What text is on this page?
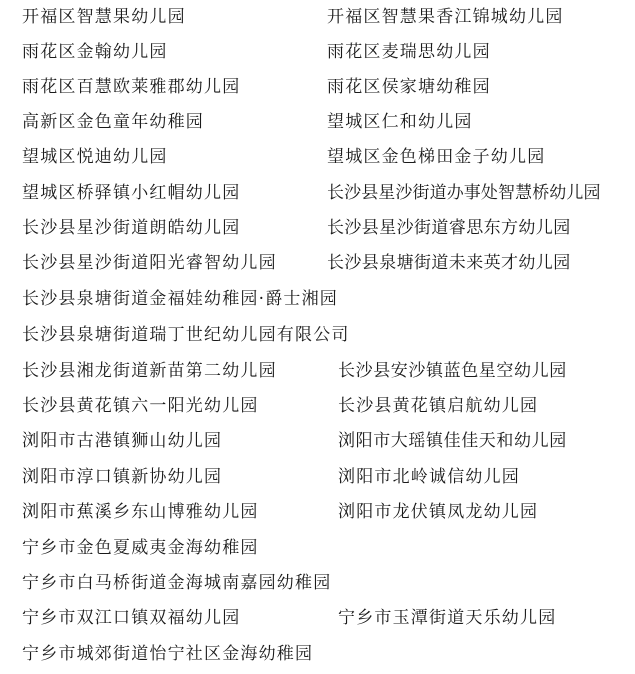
开福区智慧果幼儿园	开福区智慧果香江锦城幼儿园
雨花区金翰幼儿园	雨花区麦瑞思幼儿园
雨花区百慧欧莱雅郡幼儿园	雨花区侯家塘幼稚园
高新区金色童年幼稚园	望城区仁和幼儿园
望城区悦迪幼儿园	望城区金色梯田金子幼儿园
望城区桥驿镇小红帽幼儿园	长沙县星沙街道办事处智慧桥幼儿园
长沙县星沙街道朗皓幼儿园	长沙县星沙街道睿思东方幼儿园
长沙县星沙街道阳光睿智幼儿园	长沙县泉塘街道未来英才幼儿园
长沙县泉塘街道金福娃幼稚园·爵士湘园
长沙县泉塘街道瑞丁世纪幼儿园有限公司
长沙县湘龙街道新苗第二幼儿园	长沙县安沙镇蓝色星空幼儿园
长沙县黄花镇六一阳光幼儿园	长沙县黄花镇启航幼儿园
浏阳市古港镇狮山幼儿园	浏阳市大瑶镇佳佳天和幼儿园
浏阳市淳口镇新协幼儿园	浏阳市北岭诚信幼儿园
浏阳市蕉溪乡东山博雅幼儿园	浏阳市龙伏镇凤龙幼儿园
宁乡市金色夏威夷金海幼稚园
宁乡市白马桥街道金海城南嘉园幼稚园
宁乡市双江口镇双福幼儿园	宁乡市玉潭街道天乐幼儿园
宁乡市城郊街道怡宁社区金海幼稚园
